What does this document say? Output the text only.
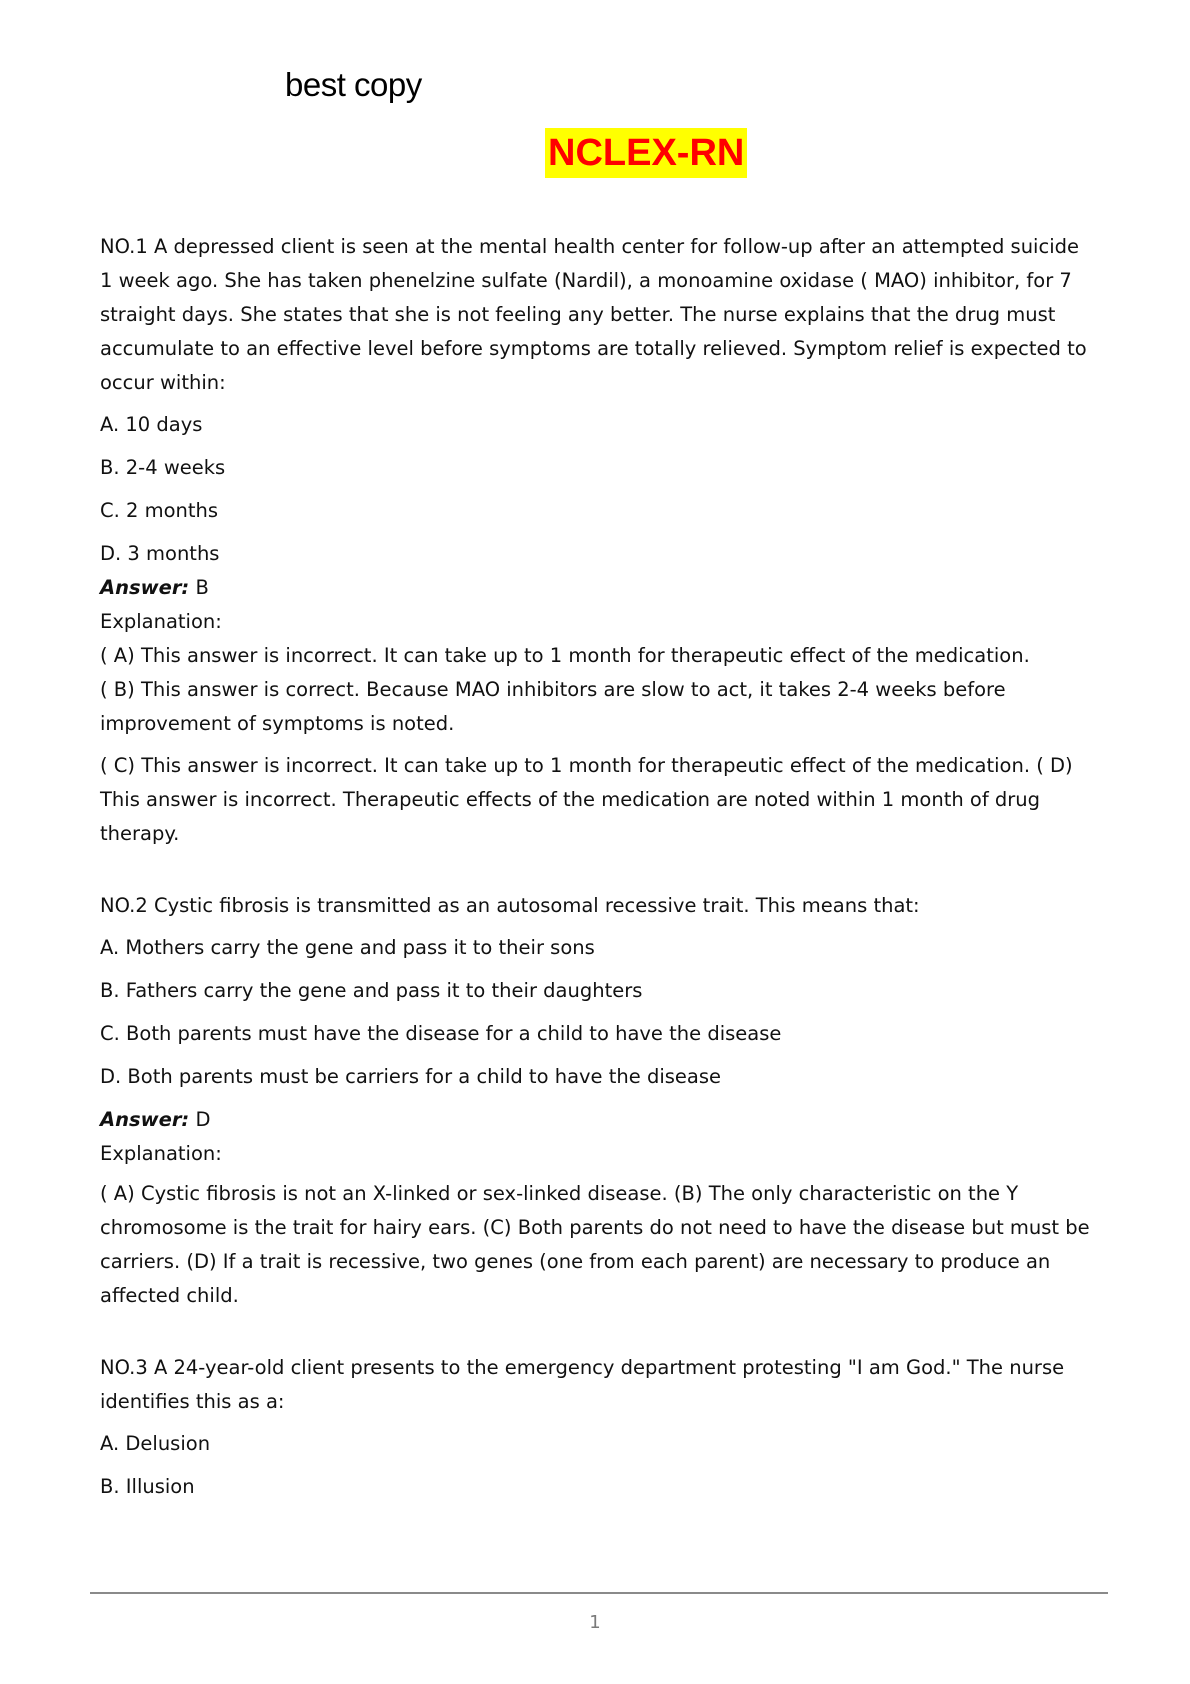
best copy
NCLEX-RN

NO.1 A depressed client is seen at the mental health center for follow-up after an attempted suicide 1 week ago. She has taken phenelzine sulfate (Nardil), a monoamine oxidase ( MAO) inhibitor, for 7 straight days. She states that she is not feeling any better. The nurse explains that the drug must accumulate to an effective level before symptoms are totally relieved. Symptom relief is expected to occur within:

A. 10 days

B. 2-4 weeks

C. 2 months

D. 3 months

Answer: B

Explanation:

( A) This answer is incorrect. It can take up to 1 month for therapeutic effect of the medication.

( B) This answer is correct. Because MAO inhibitors are slow to act, it takes 2-4 weeks before improvement of symptoms is noted.

( C) This answer is incorrect. It can take up to 1 month for therapeutic effect of the medication. ( D) This answer is incorrect. Therapeutic effects of the medication are noted within 1 month of drug therapy.

NO.2 Cystic fibrosis is transmitted as an autosomal recessive trait. This means that:

A. Mothers carry the gene and pass it to their sons

B. Fathers carry the gene and pass it to their daughters

C. Both parents must have the disease for a child to have the disease

D. Both parents must be carriers for a child to have the disease

Answer: D

Explanation:

( A) Cystic fibrosis is not an X-linked or sex-linked disease. (B) The only characteristic on the Y chromosome is the trait for hairy ears. (C) Both parents do not need to have the disease but must be carriers. (D) If a trait is recessive, two genes (one from each parent) are necessary to produce an affected child.

NO.3 A 24-year-old client presents to the emergency department protesting "I am God." The nurse identifies this as a:

A. Delusion

B. Illusion

1
